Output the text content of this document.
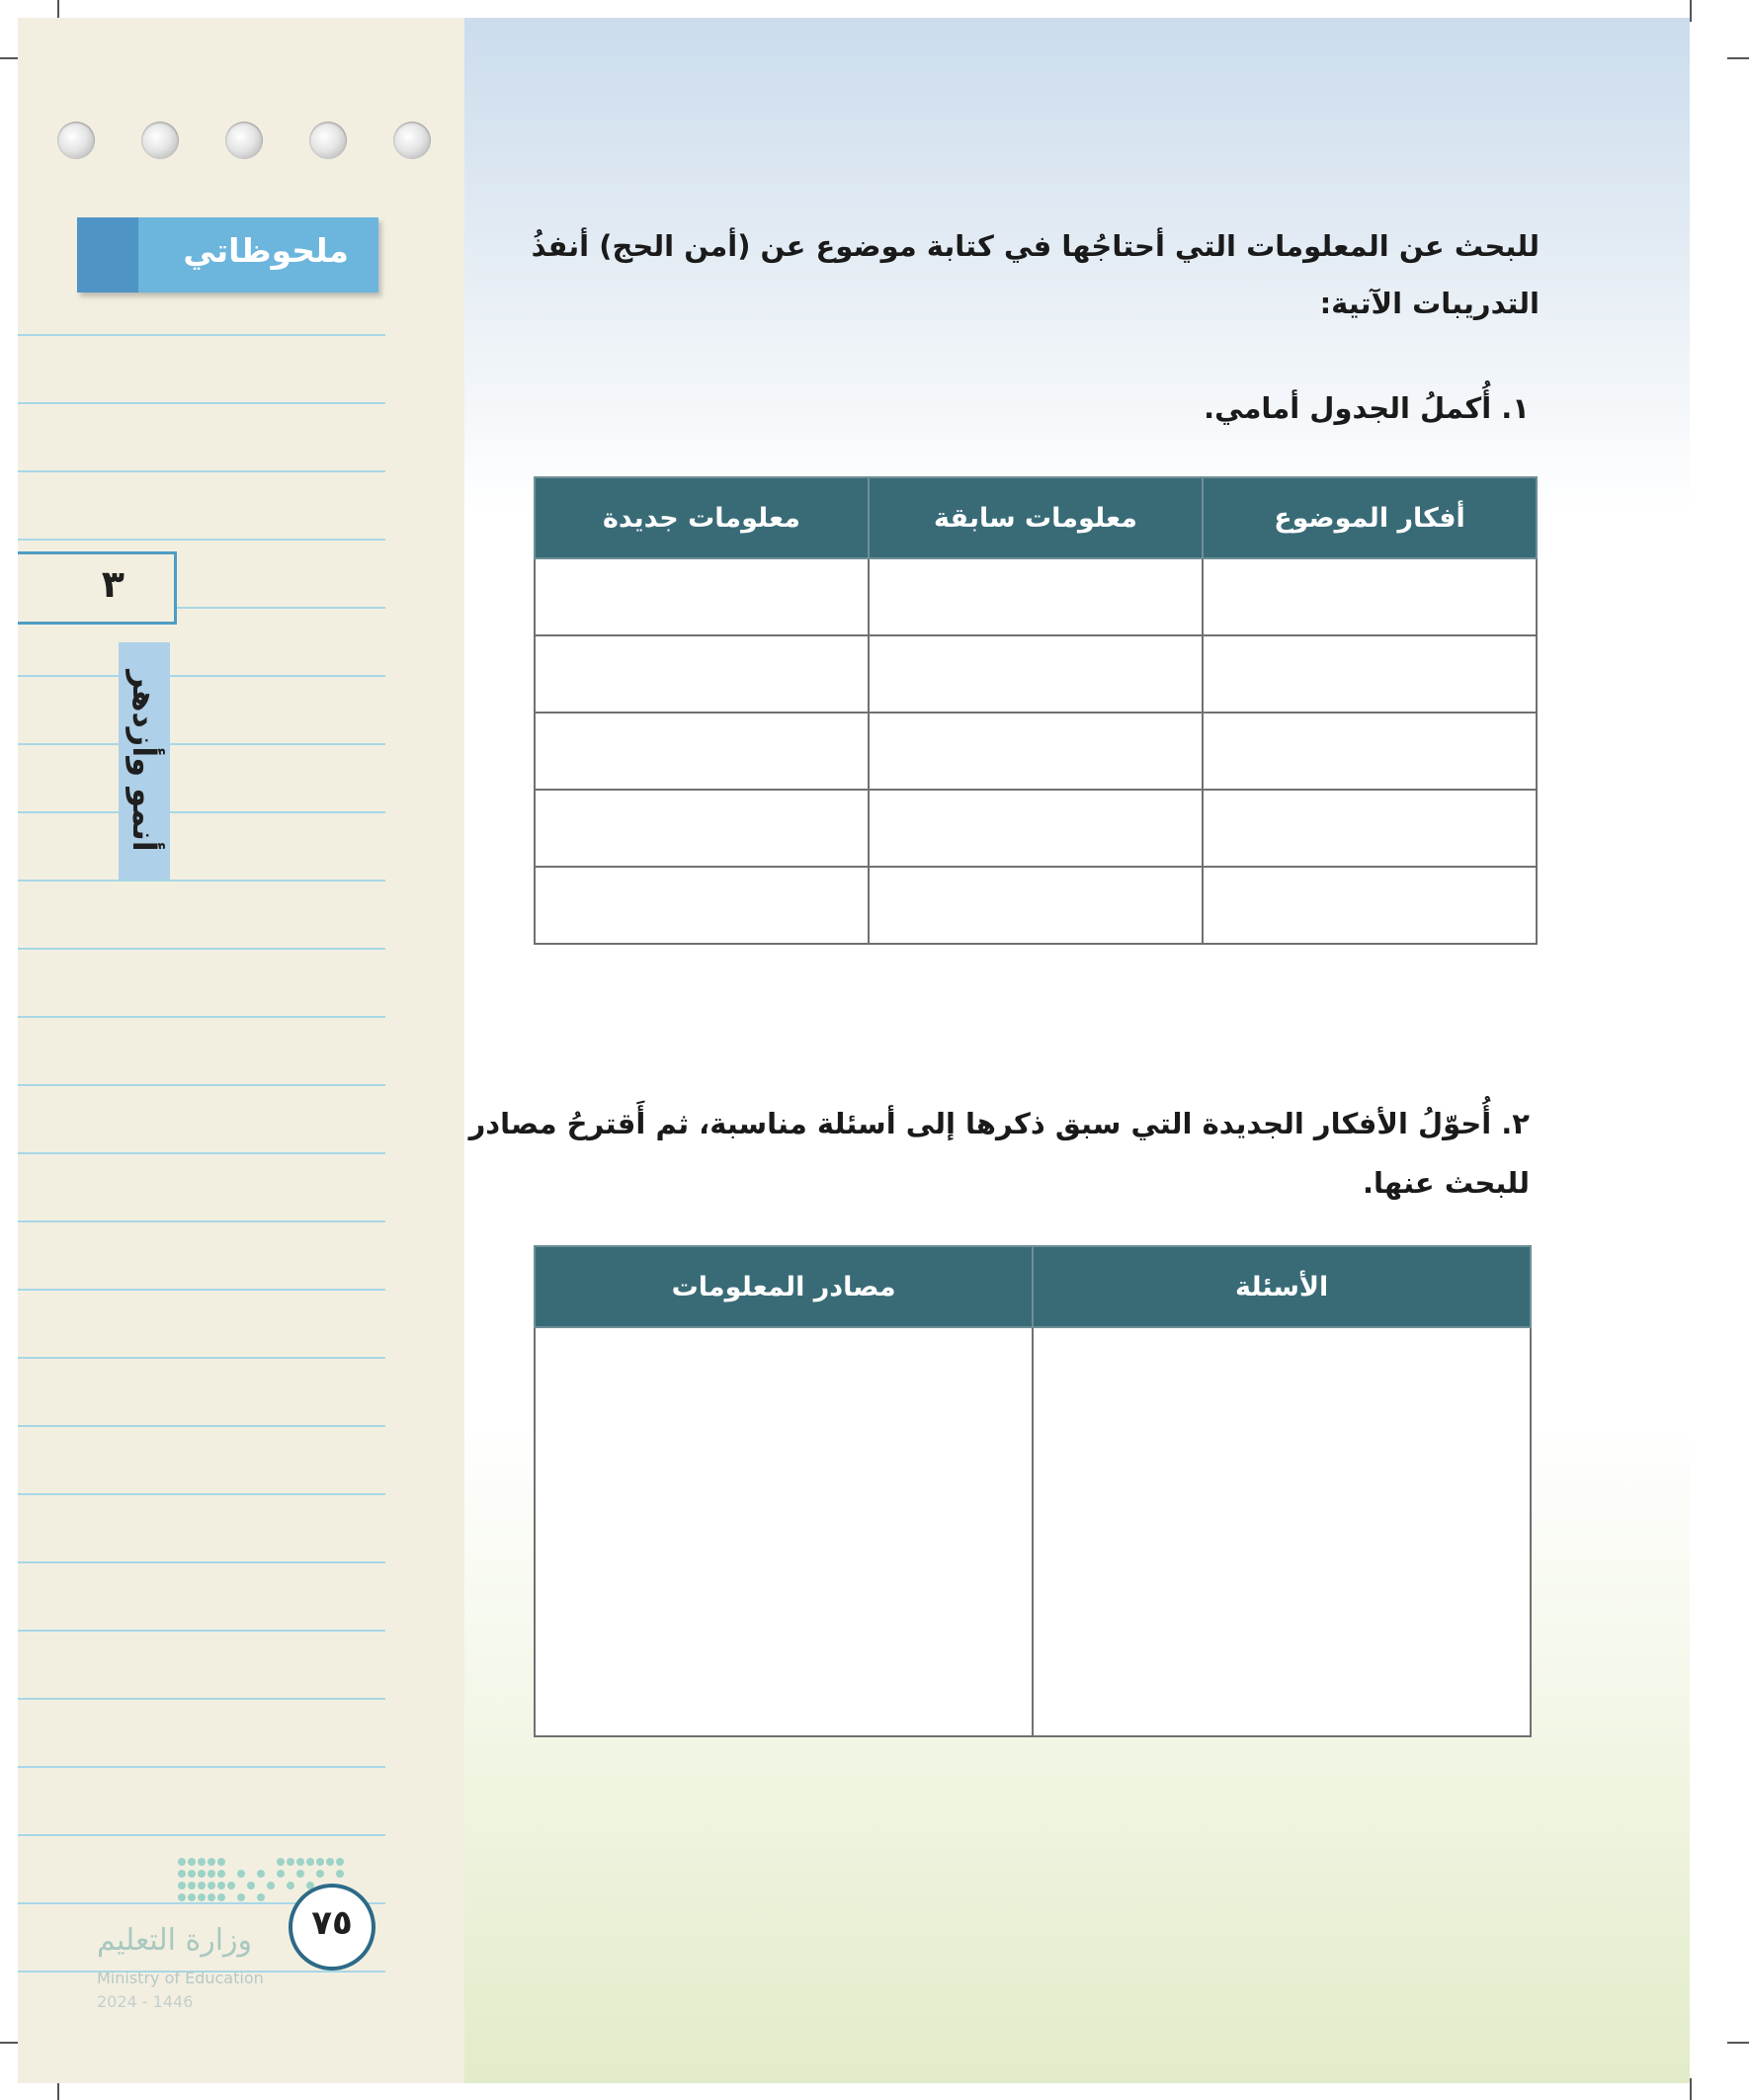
ملحوظاتي
٣
أنمو وأزدهر
وزارة التعليم
Ministry of Education
2024 - 1446
٧٥
للبحث عن المعلومات التي أحتاجُها في كتابة موضوع عن (أمن الحج) أنفذُ
التدريبات الآتية:
١. أُكملُ الجدول أمامي.
أفكار الموضوع	معلومات سابقة	معلومات جديدة

٢. أُحوّلُ الأفكار الجديدة التي سبق ذكرها إلى أسئلة مناسبة، ثم أَقترحُ مصادر
للبحث عنها.
الأسئلة	مصادر المعلومات
